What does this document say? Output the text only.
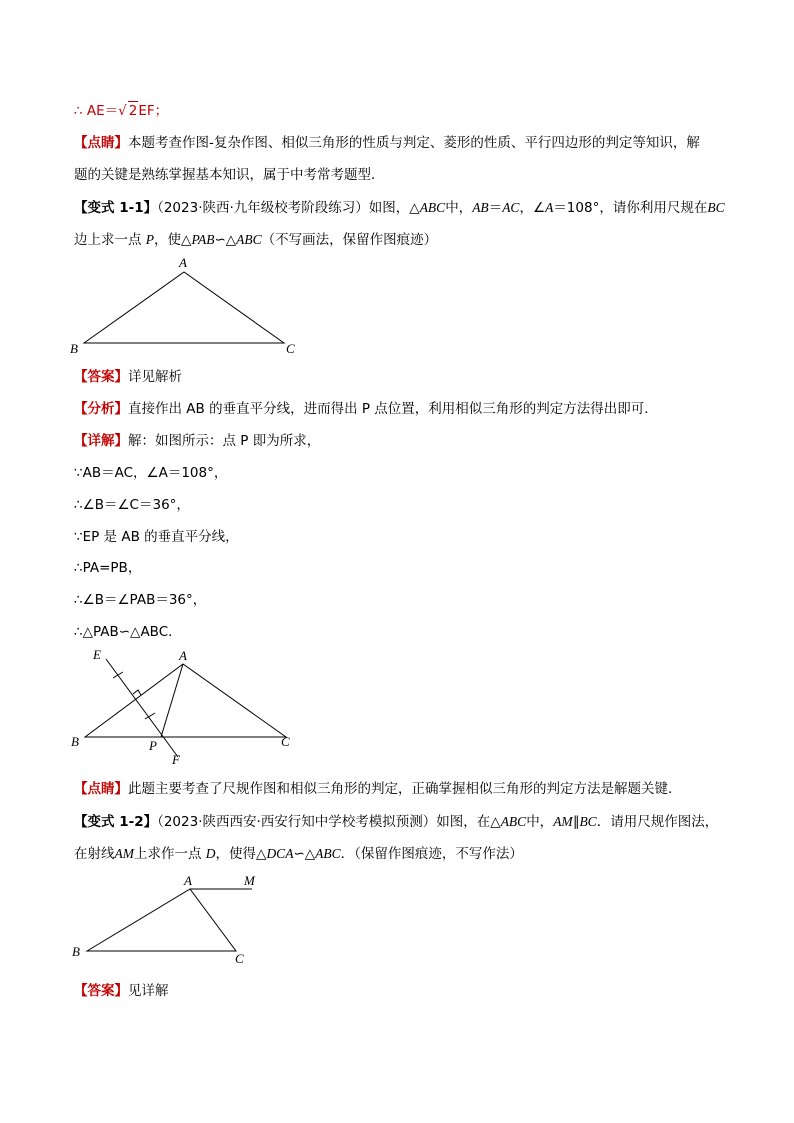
∴ AE＝√ 2EF；
【点睛】本题考查作图-复杂作图、相似三角形的性质与判定、菱形的性质、平行四边形的判定等知识，解
题的关键是熟练掌握基本知识，属于中考常考题型．
【变式 1-1】（2023·陕西·九年级校考阶段练习）如图，△ABC中，AB＝AC，∠A＝108°，请你利用尺规在BC
边上求一点 P，使△PAB∽△ABC（不写画法，保留作图痕迹）
A
B	C
【答案】详见解析
【分析】直接作出 AB 的垂直平分线，进而得出 P 点位置，利用相似三角形的判定方法得出即可.
【详解】解：如图所示：点 P 即为所求，
∵AB＝AC，∠A＝108°，
∴∠B＝∠C＝36°，
∵EP 是 AB 的垂直平分线，
∴PA=PB，
∴∠B＝∠PAB＝36°，
∴△PAB∽△ABC．
E	A
B	P
F
C
【点睛】此题主要考查了尺规作图和相似三角形的判定，正确掌握相似三角形的判定方法是解题关键．
【变式 1-2】（2023·陕西西安·西安行知中学校考模拟预测）如图，在△ABC中，AM∥BC．请用尺规作图法，
在射线AM上求作一点 D，使得△DCA∽△ABC．（保留作图痕迹，不写作法）
A	M
B	C
【答案】见详解
